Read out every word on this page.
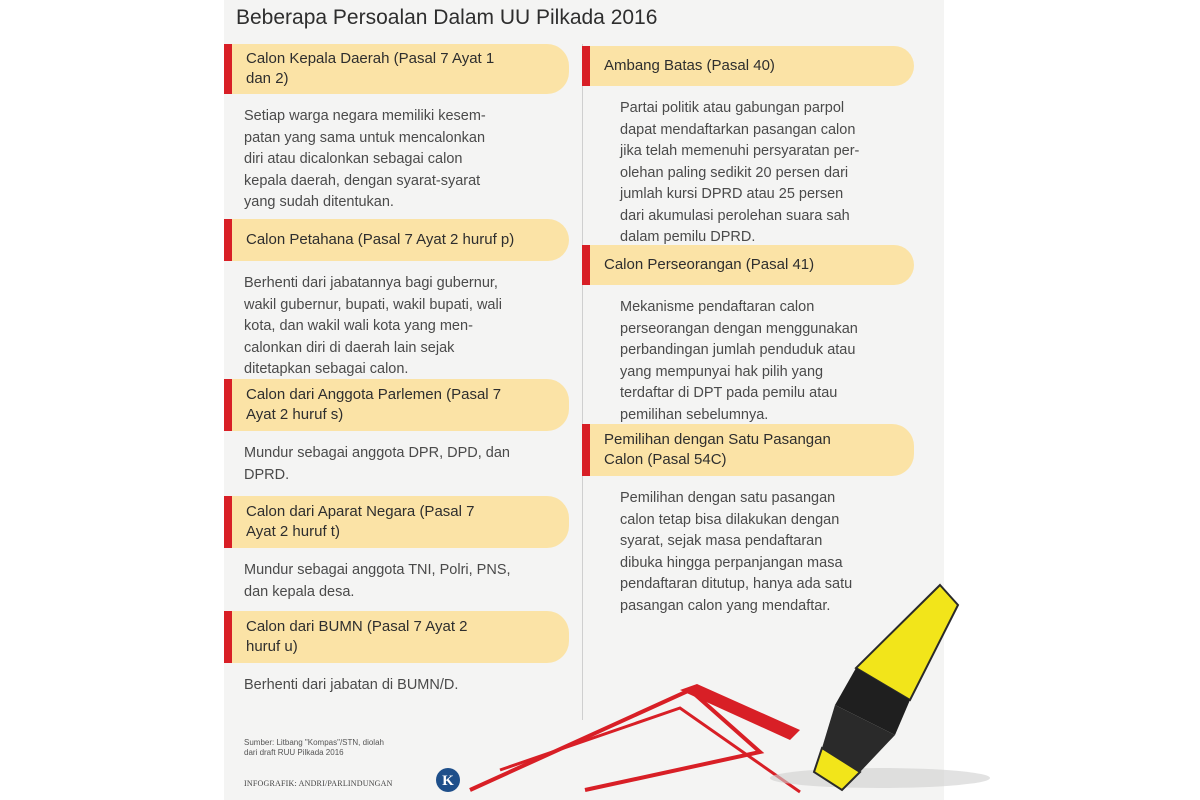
Beberapa Persoalan Dalam UU Pilkada 2016
Calon Kepala Daerah (Pasal 7 Ayat 1
dan 2)
Setiap warga negara memiliki kesem-
patan yang sama untuk mencalonkan
diri atau dicalonkan sebagai calon
kepala daerah, dengan syarat-syarat
yang sudah ditentukan.
Calon Petahana (Pasal 7 Ayat 2 huruf p)
Berhenti dari jabatannya bagi gubernur,
wakil gubernur, bupati, wakil bupati, wali
kota, dan wakil wali kota yang men-
calonkan diri di daerah lain sejak
ditetapkan sebagai calon.
Calon dari Anggota Parlemen (Pasal 7
Ayat 2 huruf s)
Mundur sebagai anggota DPR, DPD, dan
DPRD.
Calon dari Aparat Negara (Pasal 7
Ayat 2 huruf t)
Mundur sebagai anggota TNI, Polri, PNS,
dan kepala desa.
Calon dari BUMN (Pasal 7 Ayat 2
huruf u)
Berhenti dari jabatan di BUMN/D.
Ambang Batas (Pasal 40)
Partai politik atau gabungan parpol
dapat mendaftarkan pasangan calon
jika telah memenuhi persyaratan per-
olehan paling sedikit 20 persen dari
jumlah kursi DPRD atau 25 persen
dari akumulasi perolehan suara sah
dalam pemilu DPRD.
Calon Perseorangan (Pasal 41)
Mekanisme pendaftaran calon
perseorangan dengan menggunakan
perbandingan jumlah penduduk atau
yang mempunyai hak pilih yang
terdaftar di DPT pada pemilu atau
pemilihan sebelumnya.
Pemilihan dengan Satu Pasangan
Calon (Pasal 54C)
Pemilihan dengan satu pasangan
calon tetap bisa dilakukan dengan
syarat, sejak masa pendaftaran
dibuka hingga perpanjangan masa
pendaftaran ditutup, hanya ada satu
pasangan calon yang mendaftar.
Sumber: Litbang "Kompas"/STN, diolah
dari draft RUU Pilkada 2016
INFOGRAFIK: ANDRI/PARLINDUNGAN	K
